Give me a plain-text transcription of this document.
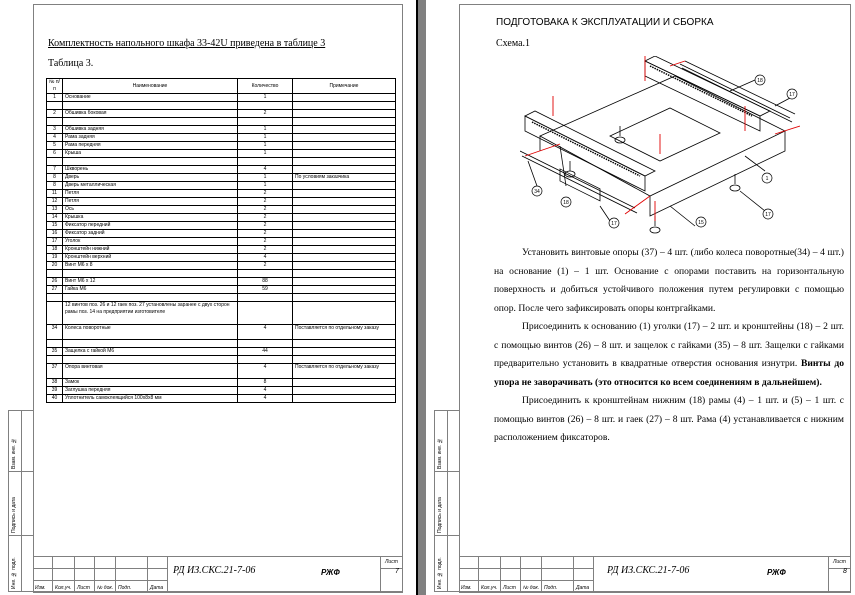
Комплектность напольного шкафа 33-42U приведена в таблице 3
Таблица 3.
№ п/п	Наименование	Количество	Примечание
1	Основание	1	

2	Обшивка боковая	2	

3	Обшивка задняя	1	
4	Рама задняя	1	
5	Рама передняя	1	
6	Крыша	1	

7	Шкворень	4	
8	Дверь	1	По условиям заказчика
8	Дверь металлическая	1	
11	Петля	2	
12	Петля	2	
13	Ось	2	
14	Крышка	2	
15	Фиксатор передний	2	
16	Фиксатор задний	2	
17	Уголок	2	
18	Кронштейн нижний	2	
19	Кронштейн верхний	4	
20	Винт М6 х 8	2	

26	Винт М6 х 12	88	
27	Гайка М6	59	

	12 винтов поз. 26 и 12 гаек поз. 27 установлены заранее с двух сторон рамы поз. 14 на предприятии изготовителе		
34	Колеса поворотные	4	Поставляется по отдельному заказу

35	Защелка с гайкой М6	44	

37	Опора винтовая	4	Поставляется по отдельному заказу
38	Замок	8	
39	Заглушка передняя	4	
40	Уплотнитель самоклеящийся 100х8х8 мм	4	
Взам. инв. №
Подпись и дата
Инв. № подл.	Изм. Кол.уч. Лист № док. Подп.	Дата
РД ИЗ.СКС.21-7-06	РЖФ
Лист
7
ПОДГОТОВАКА К ЭКСПЛУАТАЦИИ И СБОРКА
Схема.1
18
17
34
18
17	15
1
17

Установить винтовые опоры (37) – 4 шт. (либо колеса поворотные(34) – 4 шт.) на основание (1) – 1 шт. Основание с опорами поставить на горизонтальную поверхность и добиться устойчивого положения путем регулировки с помощью опор. После чего зафиксировать опоры контргайками.

Присоединить к основанию (1) уголки (17) – 2 шт. и кронштейны (18) – 2 шт. с помощью винтов (26) – 8 шт. и защелок с гайками (35) – 8 шт. Защелки с гайками предварительно установить в квадратные отверстия основания изнутри. Винты до упора не заворачивать (это относится ко всем соединениям в дальнейшем).

Присоединить к кронштейнам нижним (18) рамы (4) – 1 шт. и (5) – 1 шт. с помощью винтов (26) – 8 шт. и гаек (27) – 8 шт. Рама (4) устанавливается с нижним расположением фиксаторов.

Взам. инв. №
Подпись и дата
Инв. № подл.	Изм. Кол.уч. Лист № док. Подп.	Дата
РД ИЗ.СКС.21-7-06	РЖФ
Лист
8
